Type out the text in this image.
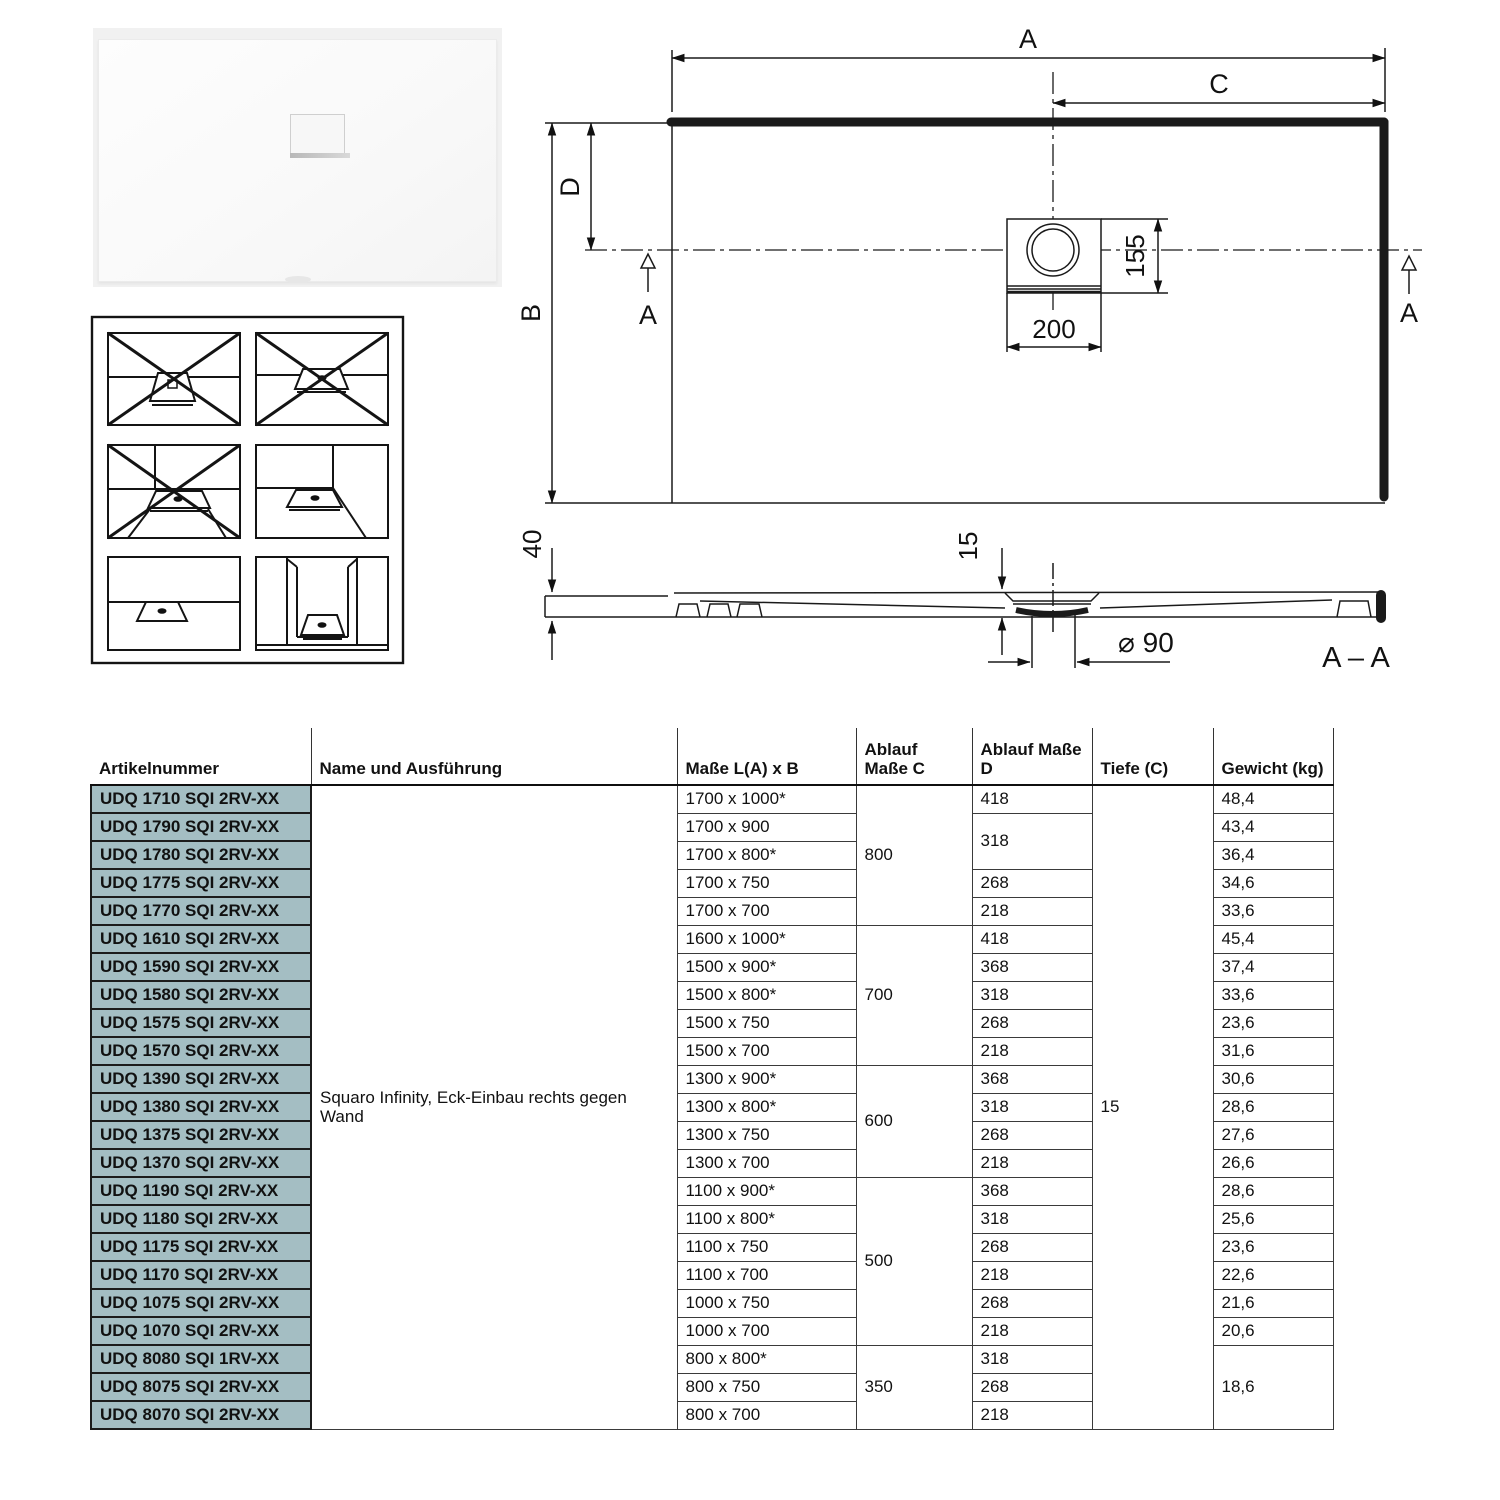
A
C
B
D
200
155
A	A
40	15
⌀ 90	A – A
Artikelnummer	Name und Ausführung	Maße L(A) x B	Ablauf Maße C	Ablauf Maße D	Tiefe (C)	Gewicht (kg)
UDQ 1710 SQI 2RV-XX	Squaro Infinity, Eck-Einbau rechts gegen Wand	1700 x 1000*	800	418	15	48,4
UDQ 1790 SQI 2RV-XX		1700 x 900		318		43,4
UDQ 1780 SQI 2RV-XX		1700 x 800*				36,4
UDQ 1775 SQI 2RV-XX		1700 x 750		268		34,6
UDQ 1770 SQI 2RV-XX		1700 x 700		218		33,6
UDQ 1610 SQI 2RV-XX		1600 x 1000*	700	418		45,4
UDQ 1590 SQI 2RV-XX		1500 x 900*		368		37,4
UDQ 1580 SQI 2RV-XX		1500 x 800*		318		33,6
UDQ 1575 SQI 2RV-XX		1500 x 750		268		23,6
UDQ 1570 SQI 2RV-XX		1500 x 700		218		31,6
UDQ 1390 SQI 2RV-XX		1300 x 900*	600	368		30,6
UDQ 1380 SQI 2RV-XX		1300 x 800*		318		28,6
UDQ 1375 SQI 2RV-XX		1300 x 750		268		27,6
UDQ 1370 SQI 2RV-XX		1300 x 700		218		26,6
UDQ 1190 SQI 2RV-XX		1100 x 900*	500	368		28,6
UDQ 1180 SQI 2RV-XX		1100 x 800*		318		25,6
UDQ 1175 SQI 2RV-XX		1100 x 750		268		23,6
UDQ 1170 SQI 2RV-XX		1100 x 700		218		22,6
UDQ 1075 SQI 2RV-XX		1000 x 750		268		21,6
UDQ 1070 SQI 2RV-XX		1000 x 700		218		20,6
UDQ 8080 SQI 1RV-XX		800 x 800*	350	318		18,6
UDQ 8075 SQI 2RV-XX		800 x 750		268		
UDQ 8070 SQI 2RV-XX		800 x 700		218		
